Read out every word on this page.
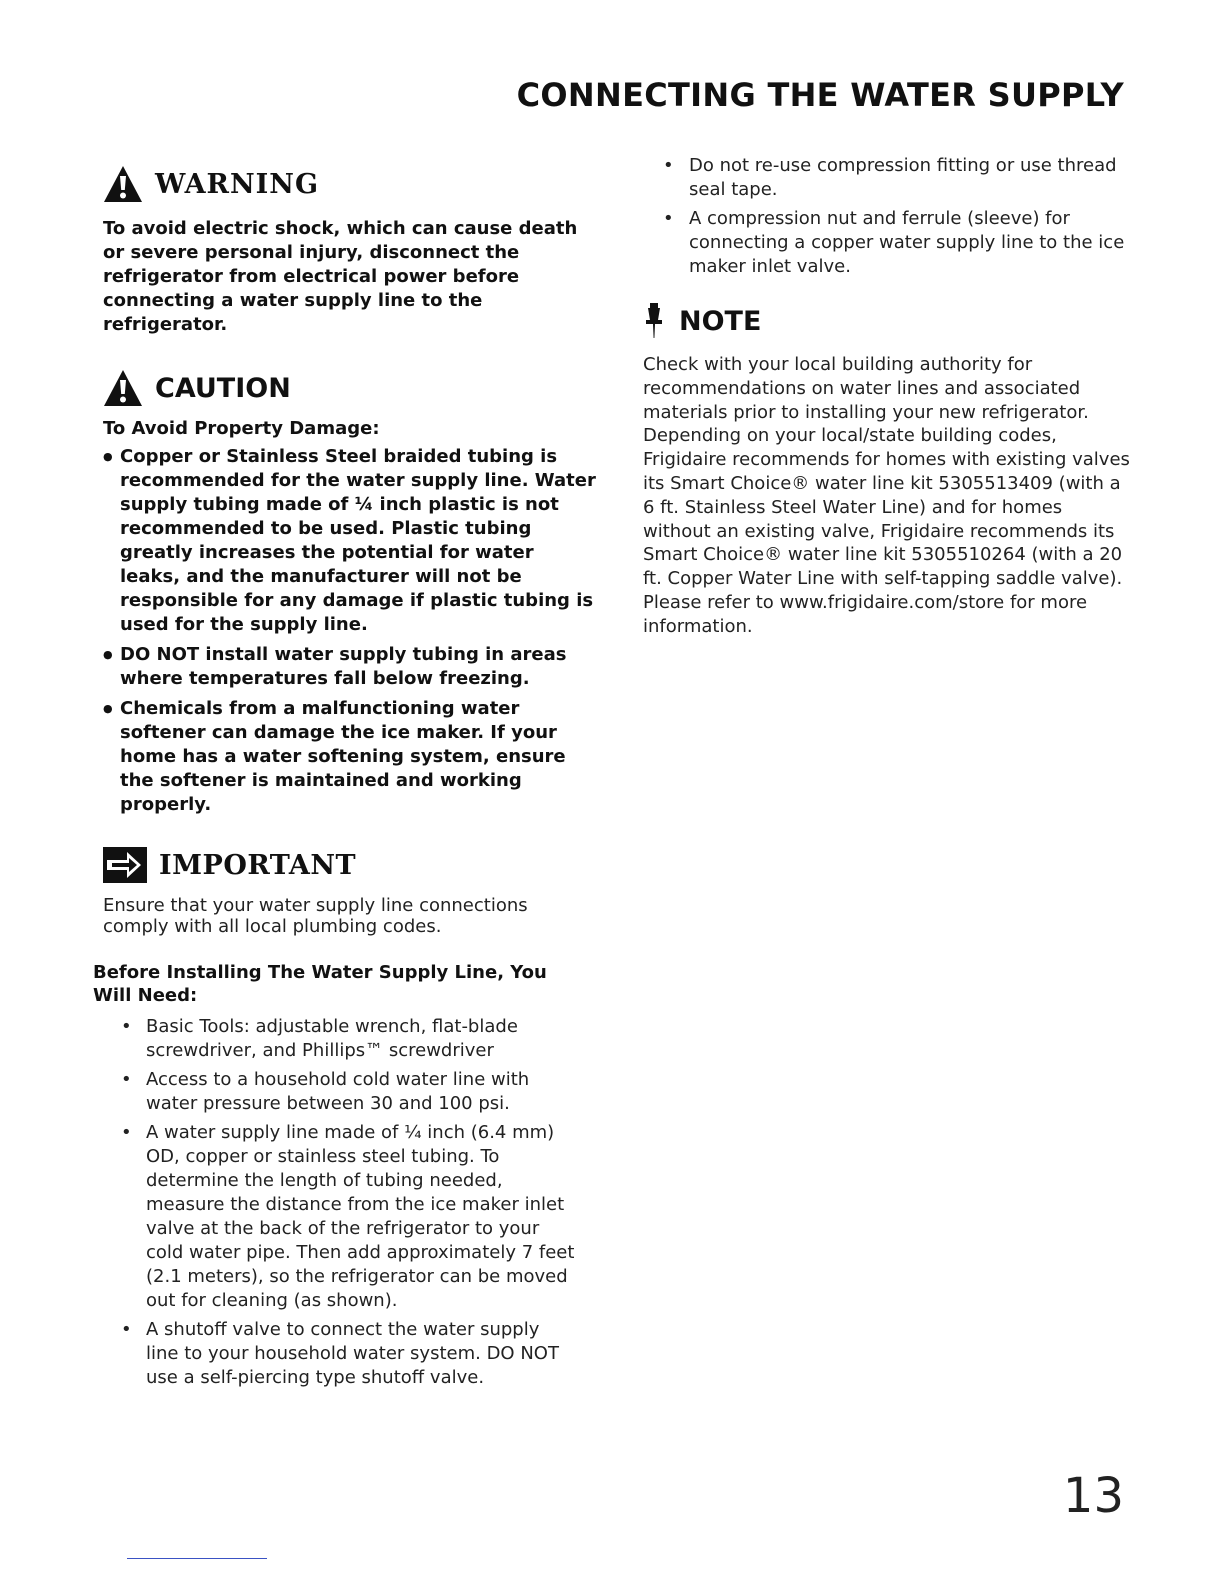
CONNECTING THE WATER SUPPLY
WARNING
To avoid electric shock, which can cause death or severe personal injury, disconnect the refrigerator from electrical power before connecting a water supply line to the refrigerator.
CAUTION
To Avoid Property Damage:
● Copper or Stainless Steel braided tubing is recommended for the water supply line. Water supply tubing made of ¼ inch plastic is not recommended to be used. Plastic tubing greatly increases the potential for water leaks, and the manufacturer will not be responsible for any damage if plastic tubing is used for the supply line.
● DO NOT install water supply tubing in areas where temperatures fall below freezing.
● Chemicals from a malfunctioning water softener can damage the ice maker. If your home has a water softening system, ensure the softener is maintained and working properly.
IMPORTANT
Ensure that your water supply line connections comply with all local plumbing codes.
Before Installing The Water Supply Line, You Will Need:
• Basic Tools: adjustable wrench, flat-blade screwdriver, and Phillips™ screwdriver
• Access to a household cold water line with water pressure between 30 and 100 psi.
• A water supply line made of ¼ inch (6.4 mm) OD, copper or stainless steel tubing. To determine the length of tubing needed, measure the distance from the ice maker inlet valve at the back of the refrigerator to your cold water pipe. Then add approximately 7 feet (2.1 meters), so the refrigerator can be moved out for cleaning (as shown).
• A shutoff valve to connect the water supply line to your household water system. DO NOT use a self-piercing type shutoff valve.
• Do not re-use compression fitting or use thread seal tape.
• A compression nut and ferrule (sleeve) for connecting a copper water supply line to the ice maker inlet valve.
NOTE
Check with your local building authority for recommendations on water lines and associated materials prior to installing your new refrigerator. Depending on your local/state building codes, Frigidaire recommends for homes with existing valves its Smart Choice® water line kit 5305513409 (with a 6 ft. Stainless Steel Water Line) and for homes without an existing valve, Frigidaire recommends its Smart Choice® water line kit 5305510264 (with a 20 ft. Copper Water Line with self-tapping saddle valve). Please refer to www.frigidaire.com/store for more information.
13
